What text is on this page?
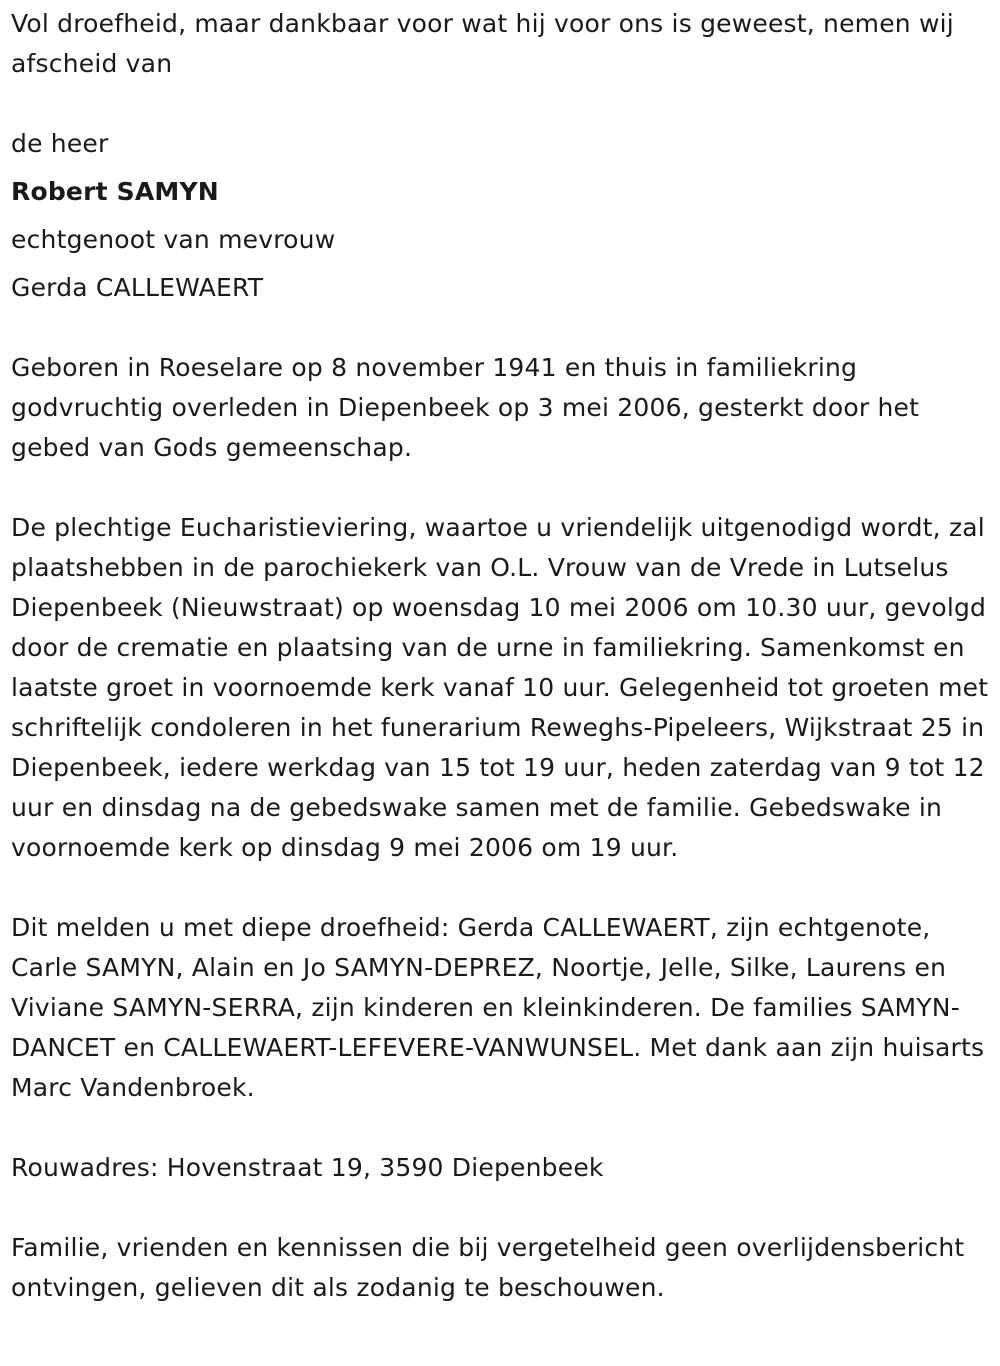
Vol droefheid, maar dankbaar voor wat hij voor ons is geweest, nemen wij afscheid van

de heer

Robert SAMYN

echtgenoot van mevrouw

Gerda CALLEWAERT

Geboren in Roeselare op 8 november 1941 en thuis in familiekring godvruchtig overleden in Diepenbeek op 3 mei 2006, gesterkt door het gebed van Gods gemeenschap.

De plechtige Eucharistieviering, waartoe u vriendelijk uitgenodigd wordt, zal plaatshebben in de parochiekerk van O.L. Vrouw van de Vrede in Lutselus Diepenbeek (Nieuwstraat) op woensdag 10 mei 2006 om 10.30 uur, gevolgd door de crematie en plaatsing van de urne in familiekring. Samenkomst en laatste groet in voornoemde kerk vanaf 10 uur. Gelegenheid tot groeten met schriftelijk condoleren in het funerarium Reweghs-Pipeleers, Wijkstraat 25 in Diepenbeek, iedere werkdag van 15 tot 19 uur, heden zaterdag van 9 tot 12 uur en dinsdag na de gebedswake samen met de familie. Gebedswake in voornoemde kerk op dinsdag 9 mei 2006 om 19 uur.

Dit melden u met diepe droefheid: Gerda CALLEWAERT, zijn echtgenote, Carle SAMYN, Alain en Jo SAMYN-DEPREZ, Noortje, Jelle, Silke, Laurens en Viviane SAMYN-SERRA, zijn kinderen en kleinkinderen. De families SAMYN-DANCET en CALLEWAERT-LEFEVERE-VANWUNSEL. Met dank aan zijn huisarts Marc Vandenbroek.

Rouwadres: Hovenstraat 19, 3590 Diepenbeek

Familie, vrienden en kennissen die bij vergetelheid geen overlijdensbericht ontvingen, gelieven dit als zodanig te beschouwen.
